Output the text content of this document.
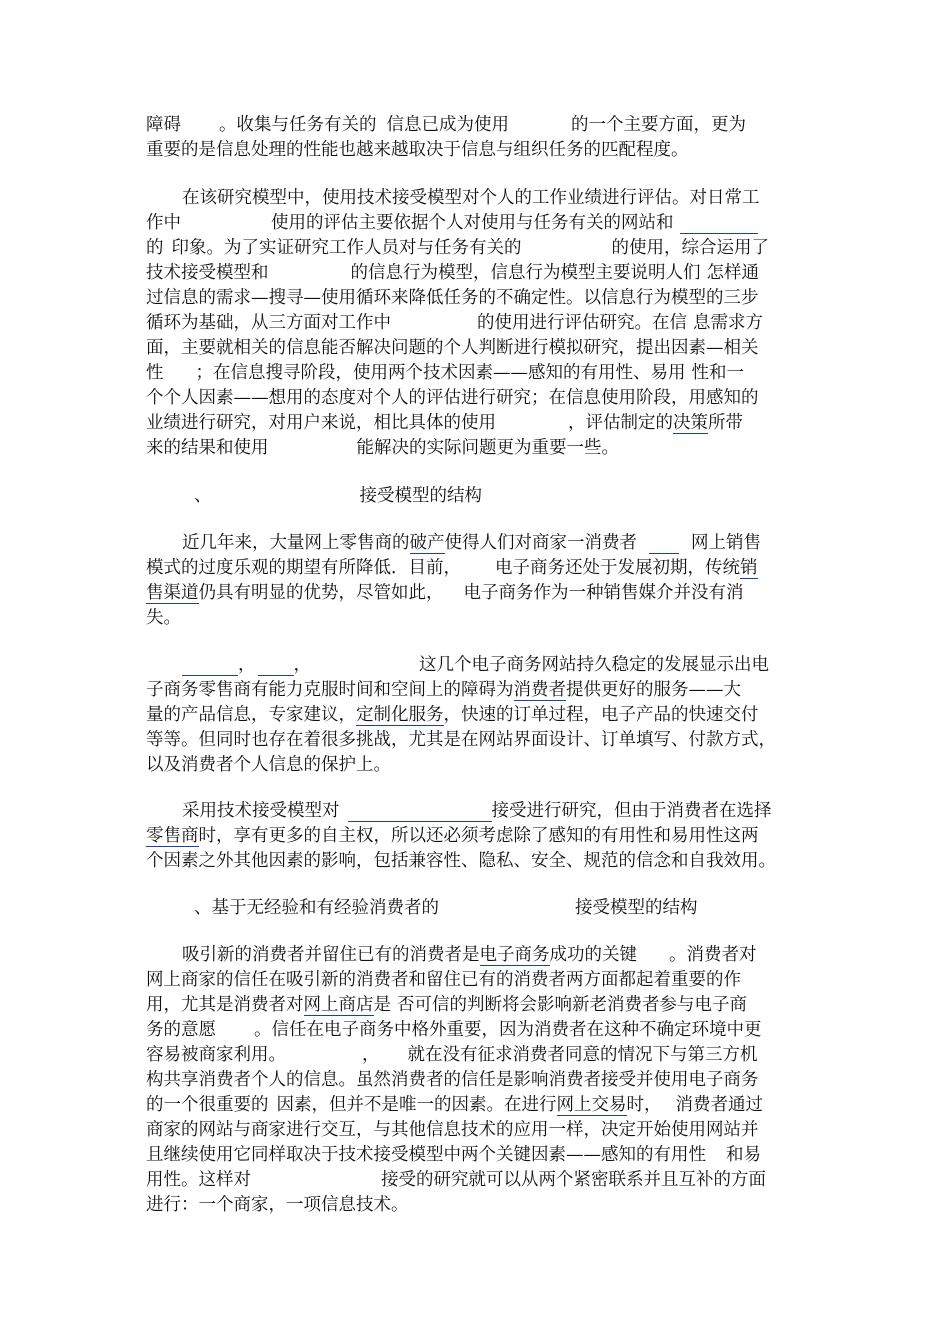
障碍 。收集与任务有关的 信息已成为使用	的一个主要方面，更为
重要的是信息处理的性能也越来越取决于信息与组织任务的匹配程度。
在该研究模型中，使用技术接受模型对个人的工作业绩进行评估。对日常工
作中	使用的评估主要依据个人对使用与任务有关的网站和
的 印象。为了实证研究工作人员对与任务有关的	的使用，综合运用了
技术接受模型和	的信息行为模型，信息行为模型主要说明人们 怎样通
过信息的需求—搜寻—使用循环来降低任务的不确定性。以信息行为模型的三步
循环为基础，从三方面对工作中	的使用进行评估研究。在信 息需求方
面，主要就相关的信息能否解决问题的个人判断进行模拟研究，提出因素—相关
性 ；在信息搜寻阶段，使用两个技术因素——感知的有用性、易用 性和一
个个人因素——想用的态度对个人的评估进行研究；在信息使用阶段，用感知的
业绩进行研究，对用户来说，相比具体的使用	，评估制定的决策所带
来的结果和使用	能解决的实际问题更为重要一些。
、	接受模型的结构
近几年来，大量网上零售商的破产使得人们对商家一消费者	网上销售
模式的过度乐观的期望有所降低．目前， 电子商务还处于发展初期，传统销
售渠道仍具有明显的优势，尽管如此， 电子商务作为一种销售媒介并没有消
失。
， ，	这几个电子商务网站持久稳定的发展显示出电
子商务零售商有能力克服时间和空间上的障碍为消费者提供更好的服务——大
量的产品信息，专家建议，定制化服务，快速的订单过程，电子产品的快速交付
等等。但同时也存在着很多挑战，尤其是在网站界面设计、订单填写、付款方式，
以及消费者个人信息的保护上。
采用技术接受模型对	接受进行研究，但由于消费者在选择
零售商时，享有更多的自主权，所以还必须考虑除了感知的有用性和易用性这两
个因素之外其他因素的影响，包括兼容性、隐私、安全、规范的信念和自我效用。
、基于无经验和有经验消费者的	接受模型的结构
吸引新的消费者并留住已有的消费者是电子商务成功的关键 。消费者对
网上商家的信任在吸引新的消费者和留住已有的消费者两方面都起着重要的作
用，尤其是消费者对网上商店是 否可信的判断将会影响新老消费者参与电子商
务的意愿 。信任在电子商务中格外重要，因为消费者在这种不确定环境中更
容易被商家利用。	， 就在没有征求消费者同意的情况下与第三方机
构共享消费者个人的信息。虽然消费者的信任是影响消费者接受并使用电子商务
的一个很重要的 因素，但并不是唯一的因素。在进行网上交易时， 消费者通过
商家的网站与商家进行交互，与其他信息技术的应用一样，决定开始使用网站并
且继续使用它同样取决于技术接受模型中两个关键因素——感知的有用性 和易
用性。这样对	接受的研究就可以从两个紧密联系并且互补的方面
进行：一个商家，一项信息技术。
